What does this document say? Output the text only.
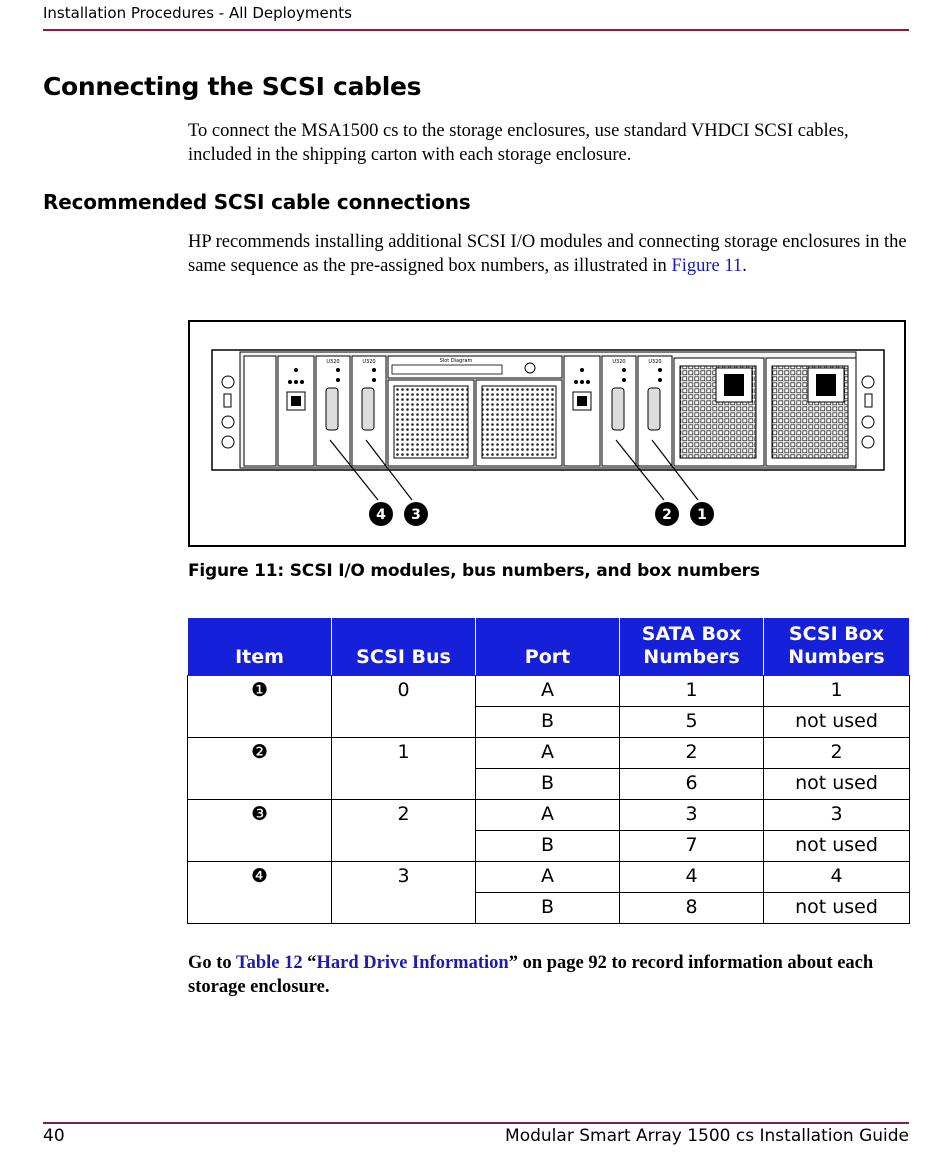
Installation Procedures - All Deployments
Connecting the SCSI cables
To connect the MSA1500 cs to the storage enclosures, use standard VHDCI SCSI cables, included in the shipping carton with each storage enclosure.
Recommended SCSI cable connections
HP recommends installing additional SCSI I/O modules and connecting storage enclosures in the same sequence as the pre-assigned box numbers, as illustrated in Figure 11.
U320	U320	Slot Diagram	U320	U320
4 3	2 1
Figure 11: SCSI I/O modules, bus numbers, and box numbers
Item	SCSI Bus	Port	SATA Box Numbers	SCSI Box Numbers
❶	0	A	1	1
		B	5	not used
❷	1	A	2	2
		B	6	not used
❸	2	A	3	3
		B	7	not used
❹	3	A	4	4
		B	8	not used
Go to Table 12 “Hard Drive Information” on page 92 to record information about each storage enclosure.
40	Modular Smart Array 1500 cs Installation Guide
